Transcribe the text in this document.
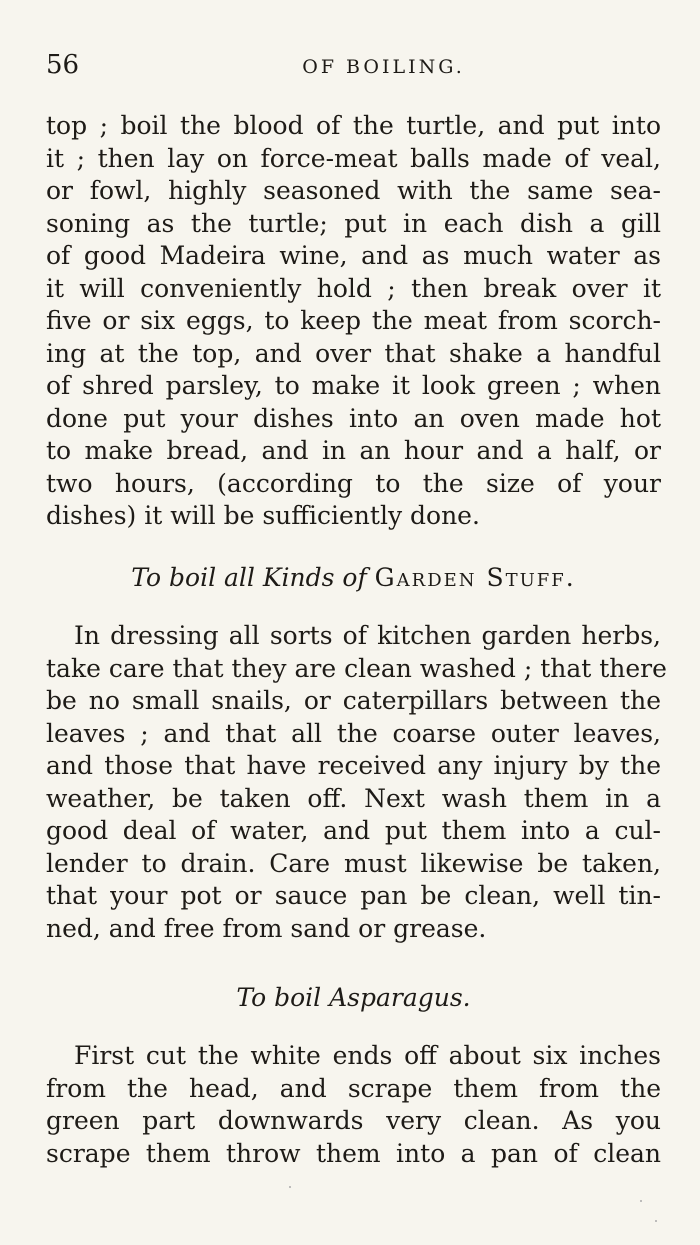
56	OF BOILING.
top ; boil the blood of the turtle, and put into
it ; then lay on force-meat balls made of veal,
or fowl, highly seasoned with the same sea-
soning as the turtle; put in each dish a gill
of good Madeira wine, and as much water as
it will conveniently hold ; then break over it
five or six eggs, to keep the meat from scorch-
ing at the top, and over that shake a handful
of shred parsley, to make it look green ; when
done put your dishes into an oven made hot
to make bread, and in an hour and a half, or
two hours, (according to the size of your
dishes) it will be sufficiently done.
To boil all Kinds of Garden Stuff.
In dressing all sorts of kitchen garden herbs,
take care that they are clean washed ; that there
be no small snails, or caterpillars between the
leaves ; and that all the coarse outer leaves,
and those that have received any injury by the
weather, be taken off. Next wash them in a
good deal of water, and put them into a cul-
lender to drain. Care must likewise be taken,
that your pot or sauce pan be clean, well tin-
ned, and free from sand or grease.
To boil Asparagus.
First cut the white ends off about six inches
from the head, and scrape them from the
green part downwards very clean. As you
scrape them throw them into a pan of clean
